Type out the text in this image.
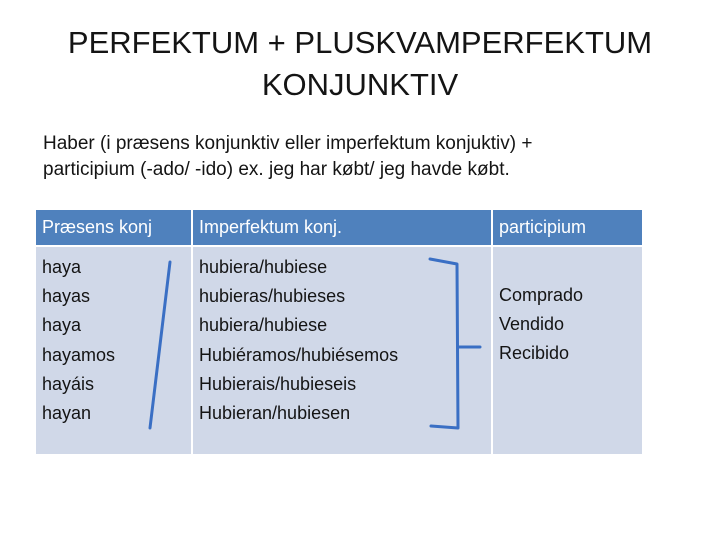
PERFEKTUM + PLUSKVAMPERFEKTUM
KONJUNKTIV
Haber (i præsens konjunktiv eller imperfektum konjuktiv) +
participium (-ado/ -ido) ex. jeg har købt/ jeg havde købt.
Præsens konj	Imperfektum konj.	participium
haya
hayas
haya
hayamos
hayáis
hayan
hubiera/hubiese
hubieras/hubieses
hubiera/hubiese
Hubiéramos/hubiésemos
Hubierais/hubieseis
Hubieran/hubiesen
Comprado
Vendido
Recibido
